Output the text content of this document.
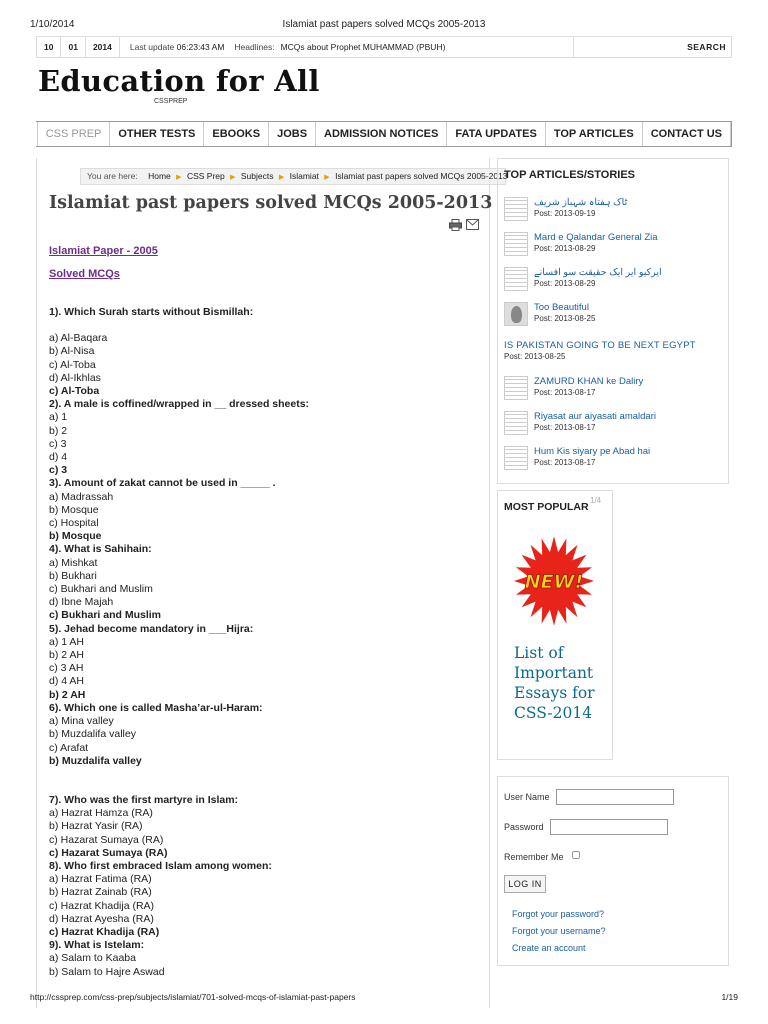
1/10/2014	Islamiat past papers solved MCQs 2005-2013
10	01	2014	Last update 06:23:43 AM	Headlines: MCQs about Prophet MUHAMMAD (PBUH)	SEARCH
Education for All
CSSPREP
CSS PREP	OTHER TESTS	EBOOKS	JOBS	ADMISSION NOTICES	FATA UPDATES	TOP ARTICLES	CONTACT US
You are here: Home ▶ CSS Prep ▶ Subjects ▶ Islamiat ▶ Islamiat past papers solved MCQs 2005-2013
Islamiat past papers solved MCQs 2005-2013
Islamiat Paper - 2005
Solved MCQs
1). Which Surah starts without Bismillah:
a) Al-Baqara
b) Al-Nisa
c) Al-Toba
d) Al-Ikhlas
c) Al-Toba
2). A male is coffined/wrapped in __ dressed sheets:
a) 1
b) 2
c) 3
d) 4
c) 3
3). Amount of zakat cannot be used in _____ .
a) Madrassah
b) Mosque
c) Hospital
b) Mosque
4). What is Sahihain:
a) Mishkat
b) Bukhari
c) Bukhari and Muslim
d) Ibne Majah
c) Bukhari and Muslim
5). Jehad become mandatory in ___Hijra:
a) 1 AH
b) 2 AH
c) 3 AH
d) 4 AH
b) 2 AH
6). Which one is called Masha’ar-ul-Haram:
a) Mina valley
b) Muzdalifa valley
c) Arafat
b) Muzdalifa valley
7). Who was the first martyre in Islam:
a) Hazrat Hamza (RA)
b) Hazrat Yasir (RA)
c) Hazarat Sumaya (RA)
c) Hazarat Sumaya (RA)
8). Who first embraced Islam among women:
a) Hazrat Fatima (RA)
b) Hazrat Zainab (RA)
c) Hazrat Khadija (RA)
d) Hazrat Ayesha (RA)
c) Hazrat Khadija (RA)
9). What is Istelam:
a) Salam to Kaaba
b) Salam to Hajre Aswad
TOP ARTICLES/STORIES
ٹاک ہفتاہ شہباز شریف
Post: 2013-09-19
Mard e Qalandar General Zia
Post: 2013-08-29
ایرکیو ایر ایک حقیقت سو افسانے
Post: 2013-08-29
Too Beautiful
Post: 2013-08-25
IS PAKISTAN GOING TO BE NEXT EGYPT
Post: 2013-08-25
ZAMURD KHAN ke Daliry
Post: 2013-08-17
Riyasat aur aiyasati amaldari
Post: 2013-08-17
Hum Kis siyary pe Abad hai
Post: 2013-08-17
MOST POPULAR
1/4
NEW!
List of Important Essays for CSS-2014
User Name
Password
Remember Me
LOG IN
Forgot your password?
Forgot your username?
Create an account
http://cssprep.com/css-prep/subjects/islamiat/701-solved-mcqs-of-islamiat-past-papers	1/19
